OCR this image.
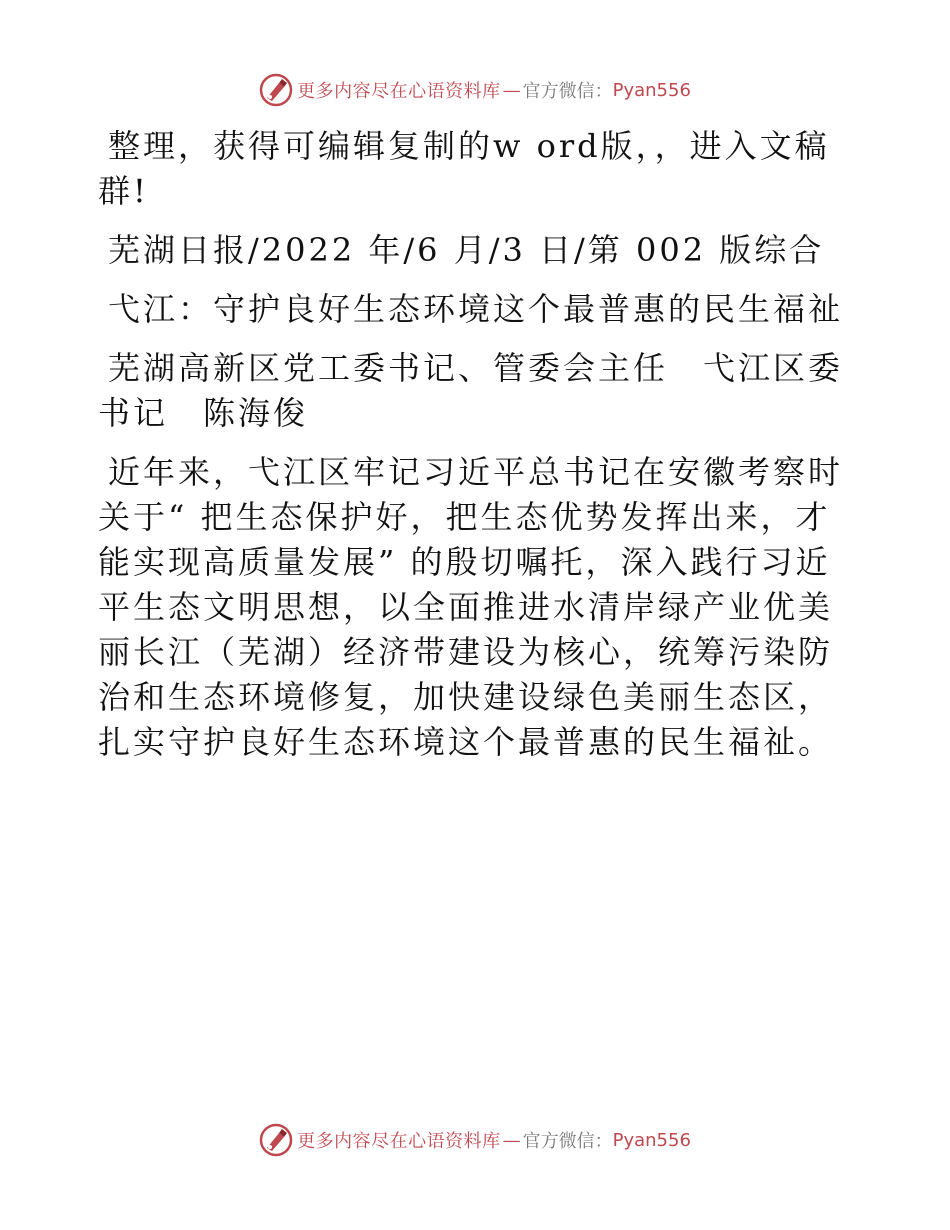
更多内容尽在心语资料库 — 官方微信： Pyan556

整理，获得可编辑复制的w ord版，，进入文稿群!

芜湖日报/2022 年/6 月/3 日/第 002 版综合

弋江：守护良好生态环境这个最普惠的民生福祉

芜湖高新区党工委书记、管委会主任　弋江区委书记　陈海俊

近年来，弋江区牢记习近平总书记在安徽考察时关于“ 把生态保护好，把生态优势发挥出来，才能实现高质量发展” 的殷切嘱托，深入践行习近平生态文明思想，以全面推进水清岸绿产业优美丽长江（芜湖）经济带建设为核心，统筹污染防治和生态环境修复，加快建设绿色美丽生态区，扎实守护良好生态环境这个最普惠的民生福祉。

更多内容尽在心语资料库 — 官方微信： Pyan556
